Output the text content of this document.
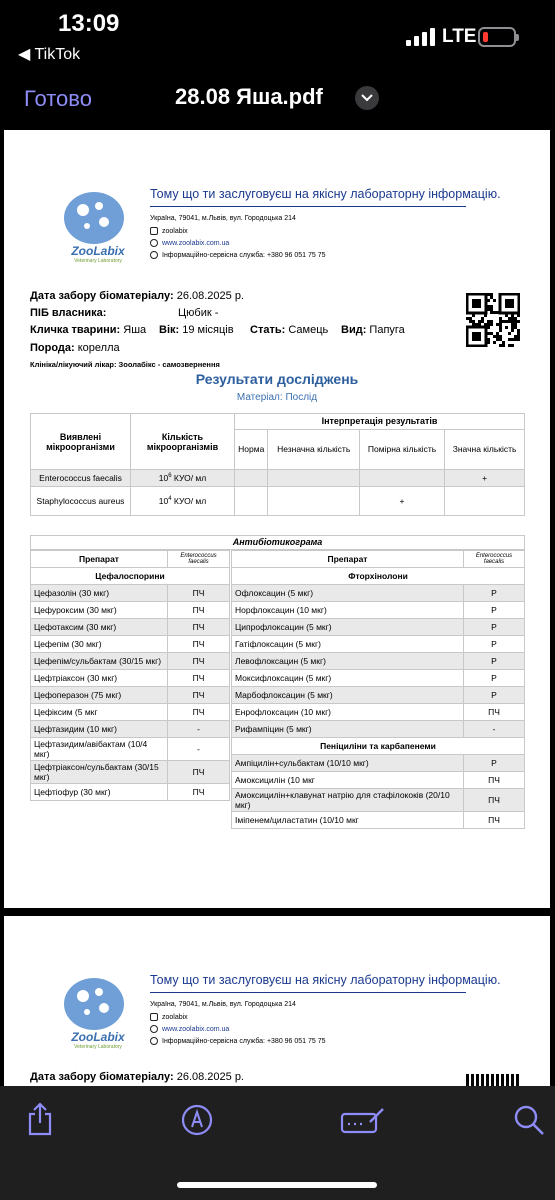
13:09
◀ TikTok
LTE
Готово	28.08 Яша.pdf
ZooLabix
Veterinary Laboratory
Тому що ти заслуговуєш на якісну лабораторну інформацію.
Україна, 79041, м.Львів, вул. Городоцька 214
zoolabix
www.zoolabix.com.ua
Інформаційно-сервісна служба: +380 96 051 75 75
Дата забору біоматеріалу: 26.08.2025 р.
ПІБ власника:	Цюбик -
Кличка тварини: Яша Вік: 19 місяців Стать: Самець Вид: Папуга
Порода: корелла
Клініка/лікуючий лікар: Зоолабікс - самозвернення
Результати досліджень
Матеріал: Послід
Виявлені мікроорганізми	Кількість мікроорганізмів	Інтерпретація результатів			
		Норма	Незначна кількість	Помірна кількість	Значна кількість
Enterococcus faecalis	$10^6$ КУО/ мл				+
Staphylococcus aureus	$10^4$ КУО/ мл			+	
Антибіотикограма
Препарат	Enterococcus faecalis
Цефалоспорини	
Цефазолін (30 мкг)	ПЧ
Цефуроксим (30 мкг)	ПЧ
Цефотаксим (30 мкг)	ПЧ
Цефепім (30 мкг)	ПЧ
Цефепім/сульбактам (30/15 мкг)	ПЧ
Цефтріаксон (30 мкг)	ПЧ
Цефоперазон (75 мкг)	ПЧ
Цефіксим (5 мкг	ПЧ
Цефтазидим (10 мкг)	-
Цефтазидим/авібактам (10/4 мкг)	-
Цефтріаксон/сульбактам (30/15 мкг)	ПЧ
Цефтіофур (30 мкг)	ПЧ
Препарат	Enterococcus faecalis
Фторхінолони	
Офлоксацин (5 мкг)	Р
Норфлоксацин (10 мкг)	Р
Ципрофлоксацин (5 мкг)	Р
Гатіфлоксацин (5 мкг)	Р
Левофлоксацин (5 мкг)	Р
Моксифлоксацин (5 мкг)	Р
Марбофлоксацин (5 мкг)	Р
Енрофлоксацин (10 мкг)	ПЧ
Рифампіцин (5 мкг)	-
Пеніциліни та карбапенеми	
Ампіцилін+сульбактам (10/10 мкг)	Р
Амоксицилін (10 мкг	ПЧ
Амоксицилін+клавунат натрію для стафілококів (20/10 мкг)	ПЧ
Іміпенем/циластатин (10/10 мкг	ПЧ
ZooLabix
Veterinary Laboratory
Тому що ти заслуговуєш на якісну лабораторну інформацію.
Україна, 79041, м.Львів, вул. Городоцька 214
zoolabix
www.zoolabix.com.ua
Інформаційно-сервісна служба: +380 96 051 75 75
Дата забору біоматеріалу: 26.08.2025 р.
